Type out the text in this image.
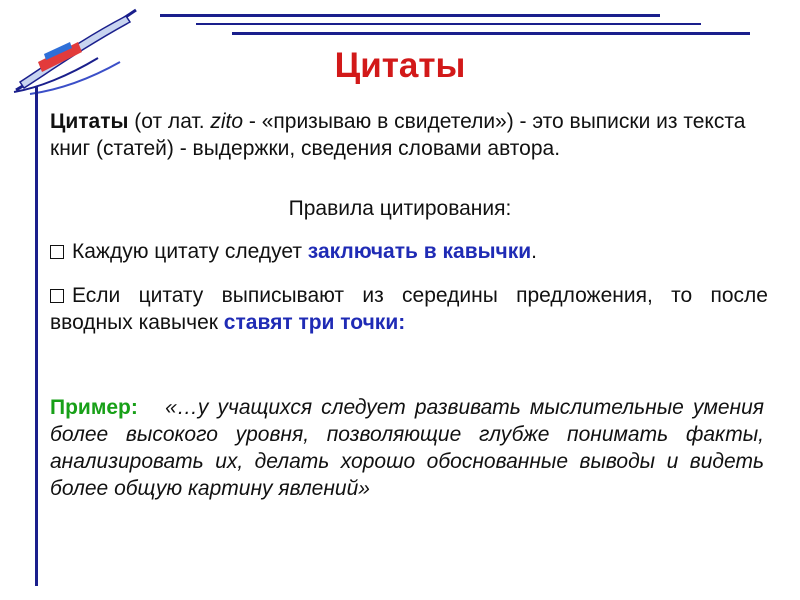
Цитаты

Цитаты (от лат. zito - «призываю в свидетели») - это выписки из текста книг (статей) - выдержки, сведения словами автора.

Правила цитирования:

Каждую цитату следует заключать в кавычки.

Если цитату выписывают из середины предложения, то после вводных кавычек ставят три точки:

Пример: «…у учащихся следует развивать мыслительные умения более высокого уровня, позволяющие глубже понимать факты, анализировать их, делать хорошо обоснованные выводы и видеть более общую картину явлений»
